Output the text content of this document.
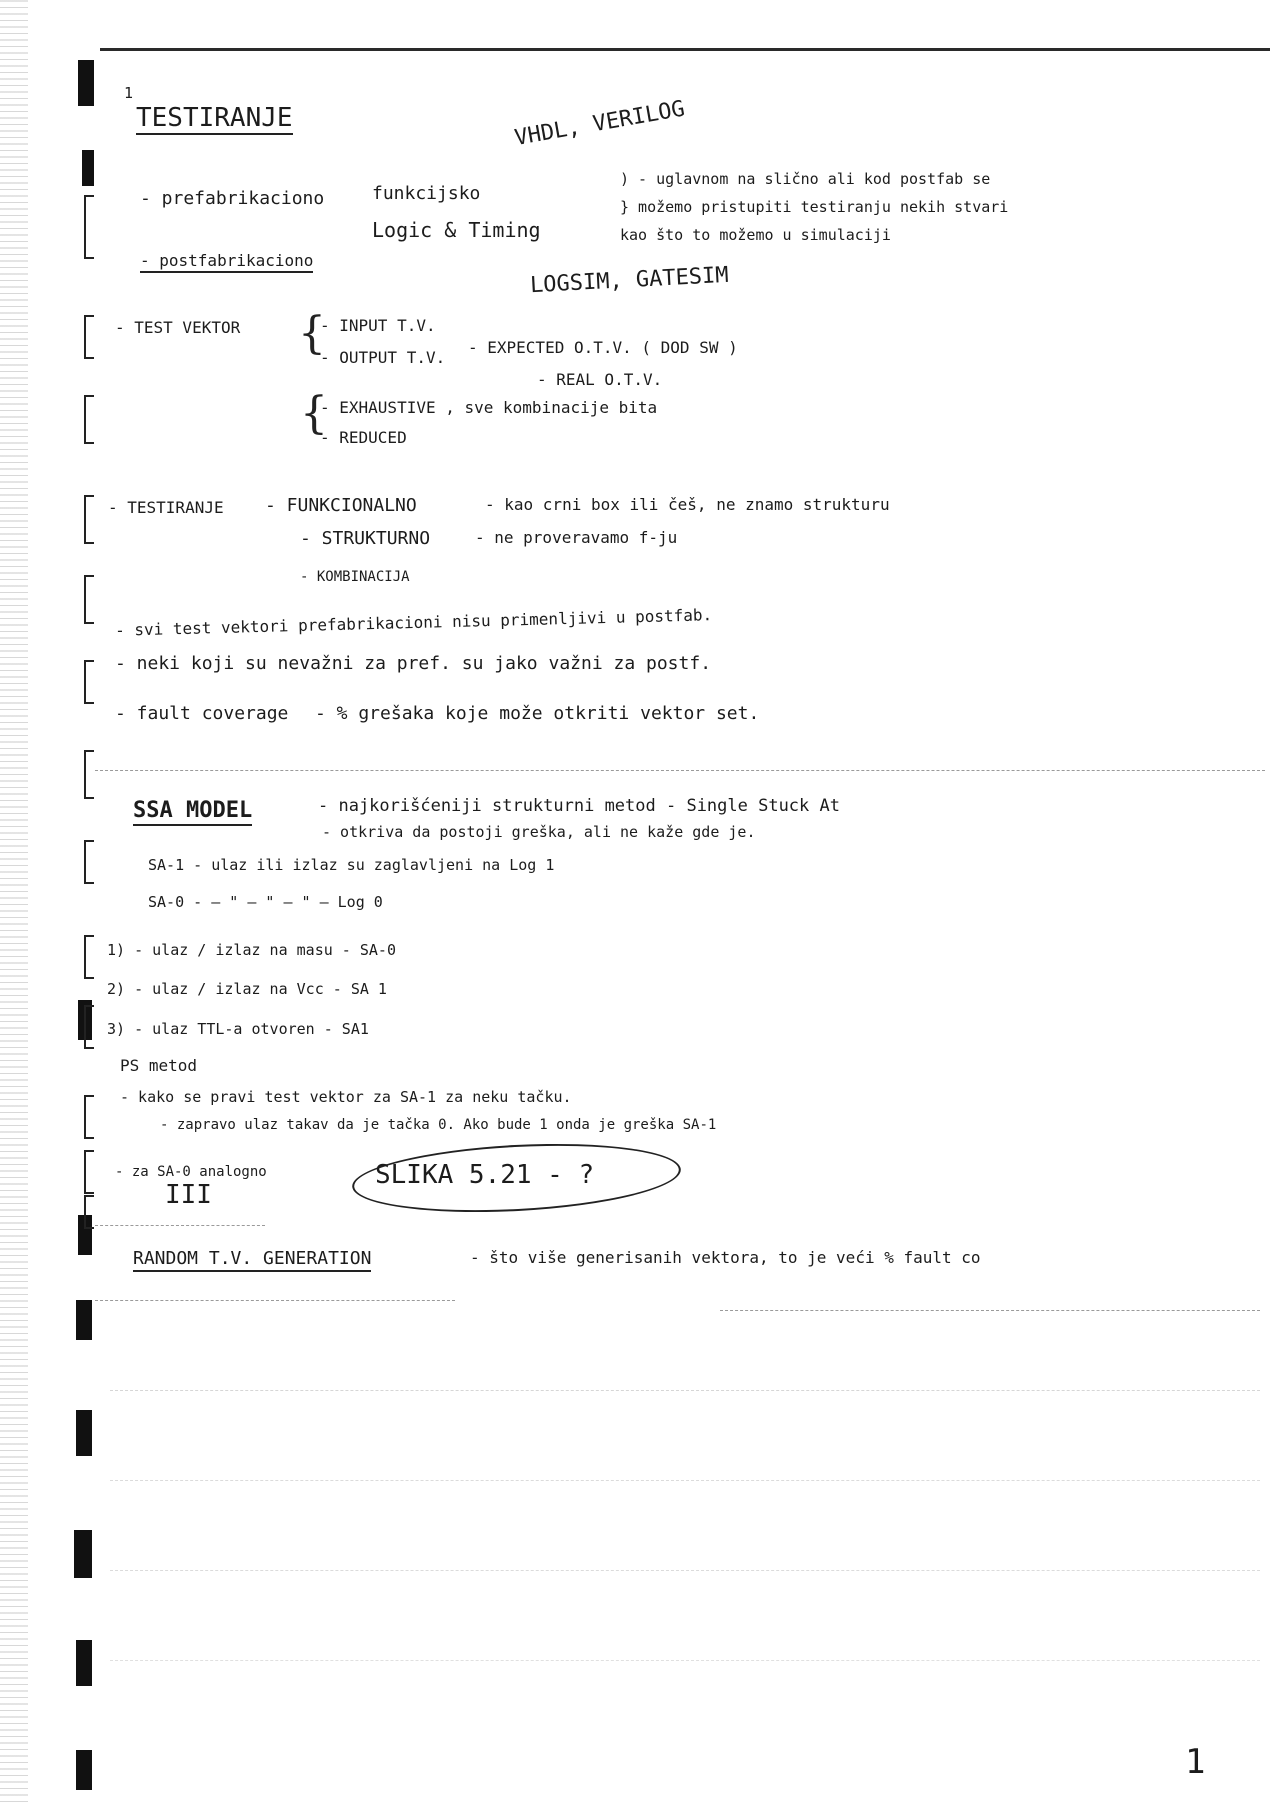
1
TESTIRANJE	VHDL, VERILOG
- prefabrikaciono
- postfabrikaciono
funkcijsko
Logic & Timing
) - uglavnom na slično ali kod postfab se
} možemo pristupiti testiranju nekih stvari
kao što to možemo u simulaciji
LOGSIM, GATESIM
- TEST VEKTOR {
- INPUT T.V.
- OUTPUT T.V.
- EXPECTED O.T.V. ( DOD SW )
- REAL O.T.V.
{
- EXHAUSTIVE , sve kombinacije bita
- REDUCED
- TESTIRANJE - FUNKCIONALNO	- kao crni box ili češ, ne znamo strukturu
- STRUKTURNO	- ne proveravamo f-ju
- KOMBINACIJA
- svi test vektori prefabrikacioni nisu primenljivi u postfab.
- neki koji su nevažni za pref. su jako važni za postf.
- fault coverage - % grešaka koje može otkriti vektor set.
SSA MODEL	- najkorišćeniji strukturni metod - Single Stuck At
- otkriva da postoji greška, ali ne kaže gde je.
SA-1 - ulaz ili izlaz su zaglavljeni na Log 1
SA-0 - — " — " — " — Log 0
1) - ulaz / izlaz na masu - SA-0
2) - ulaz / izlaz na Vcc - SA 1
3) - ulaz TTL-a otvoren - SA1
PS metod
- kako se pravi test vektor za SA-1 za neku tačku.
- zapravo ulaz takav da je tačka 0. Ako bude 1 onda je greška SA-1
- za SA-0 analogno
III
SLIKA 5.21 - ?
RANDOM T.V. GENERATION	- što više generisanih vektora, to je veći % fault co
1
